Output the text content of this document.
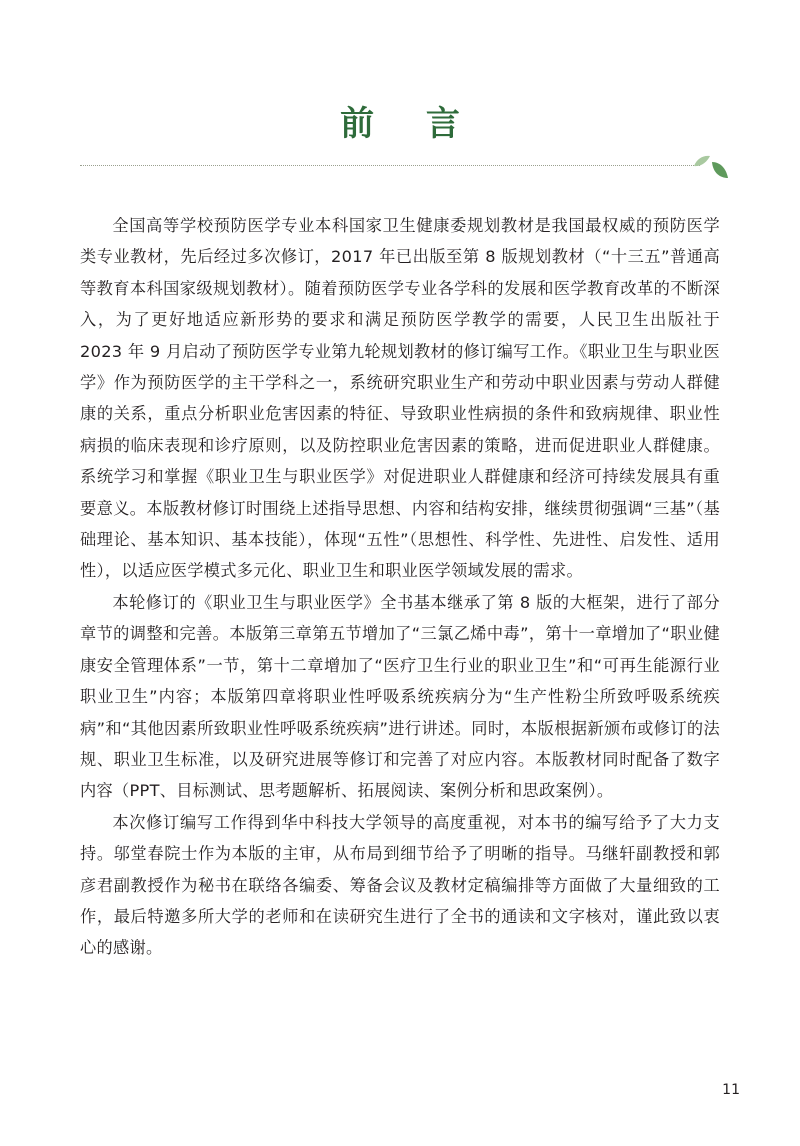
前 言

全国高等学校预防医学专业本科国家卫生健康委规划教材是我国最权威的预防医学类专业教材，先后经过多次修订，2017 年已出版至第 8 版规划教材（“十三五”普通高等教育本科国家级规划教材）。随着预防医学专业各学科的发展和医学教育改革的不断深入，为了更好地适应新形势的要求和满足预防医学教学的需要，人民卫生出版社于 2023 年 9 月启动了预防医学专业第九轮规划教材的修订编写工作。《职业卫生与职业医学》作为预防医学的主干学科之一，系统研究职业生产和劳动中职业因素与劳动人群健康的关系，重点分析职业危害因素的特征、导致职业性病损的条件和致病规律、职业性病损的临床表现和诊疗原则，以及防控职业危害因素的策略，进而促进职业人群健康。系统学习和掌握《职业卫生与职业医学》对促进职业人群健康和经济可持续发展具有重要意义。本版教材修订时围绕上述指导思想、内容和结构安排，继续贯彻强调“三基”（基础理论、基本知识、基本技能），体现“五性”（思想性、科学性、先进性、启发性、适用性），以适应医学模式多元化、职业卫生和职业医学领域发展的需求。

本轮修订的《职业卫生与职业医学》全书基本继承了第 8 版的大框架，进行了部分章节的调整和完善。本版第三章第五节增加了“三氯乙烯中毒”，第十一章增加了“职业健康安全管理体系”一节，第十二章增加了“医疗卫生行业的职业卫生”和“可再生能源行业职业卫生”内容；本版第四章将职业性呼吸系统疾病分为“生产性粉尘所致呼吸系统疾病”和“其他因素所致职业性呼吸系统疾病”进行讲述。同时，本版根据新颁布或修订的法规、职业卫生标准，以及研究进展等修订和完善了对应内容。本版教材同时配备了数字内容（PPT、目标测试、思考题解析、拓展阅读、案例分析和思政案例）。

本次修订编写工作得到华中科技大学领导的高度重视，对本书的编写给予了大力支持。邬堂春院士作为本版的主审，从布局到细节给予了明晰的指导。马继轩副教授和郭彦君副教授作为秘书在联络各编委、筹备会议及教材定稿编排等方面做了大量细致的工作，最后特邀多所大学的老师和在读研究生进行了全书的通读和文字核对，谨此致以衷心的感谢。

11
